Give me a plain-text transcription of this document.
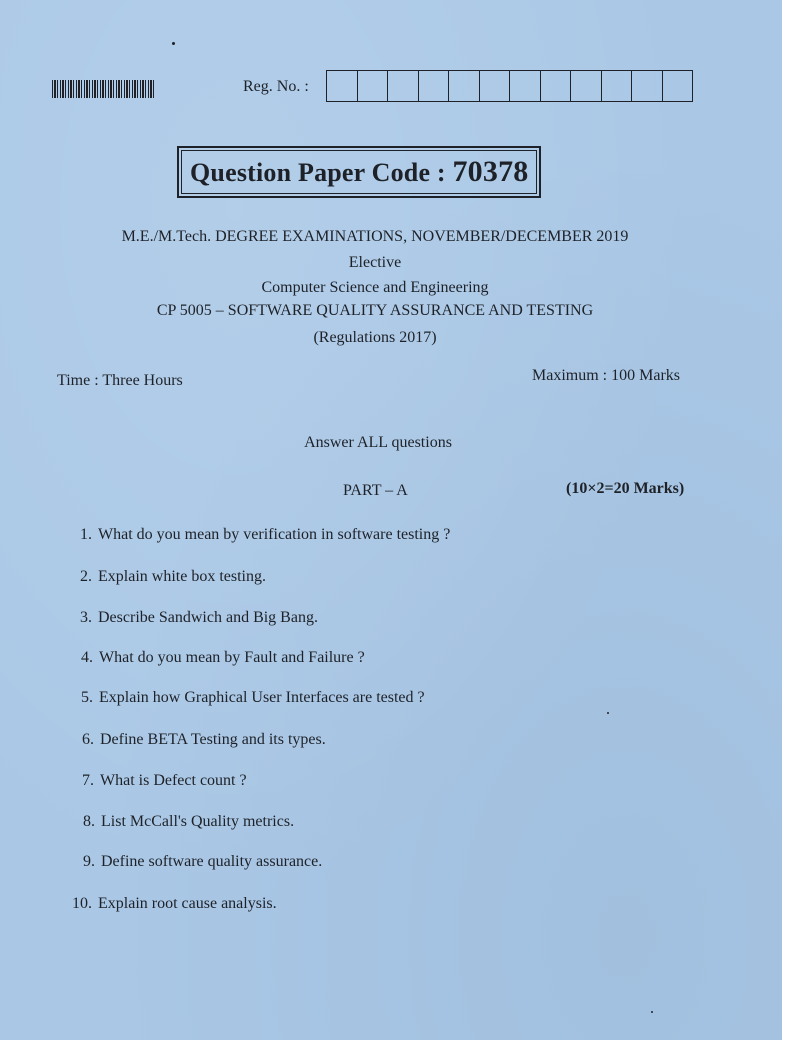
Reg. No. :
Question Paper Code : 70378
M.E./M.Tech. DEGREE EXAMINATIONS, NOVEMBER/DECEMBER 2019
Elective
Computer Science and Engineering
CP 5005 – SOFTWARE QUALITY ASSURANCE AND TESTING
(Regulations 2017)
Time : Three Hours	Maximum : 100 Marks
Answer ALL questions
PART – A	(10×2=20 Marks)
1. What do you mean by verification in software testing ?
2. Explain white box testing.
3. Describe Sandwich and Big Bang.
4. What do you mean by Fault and Failure ?
5. Explain how Graphical User Interfaces are tested ?
6. Define BETA Testing and its types.
7. What is Defect count ?
8. List McCall's Quality metrics.
9. Define software quality assurance.
10. Explain root cause analysis.
